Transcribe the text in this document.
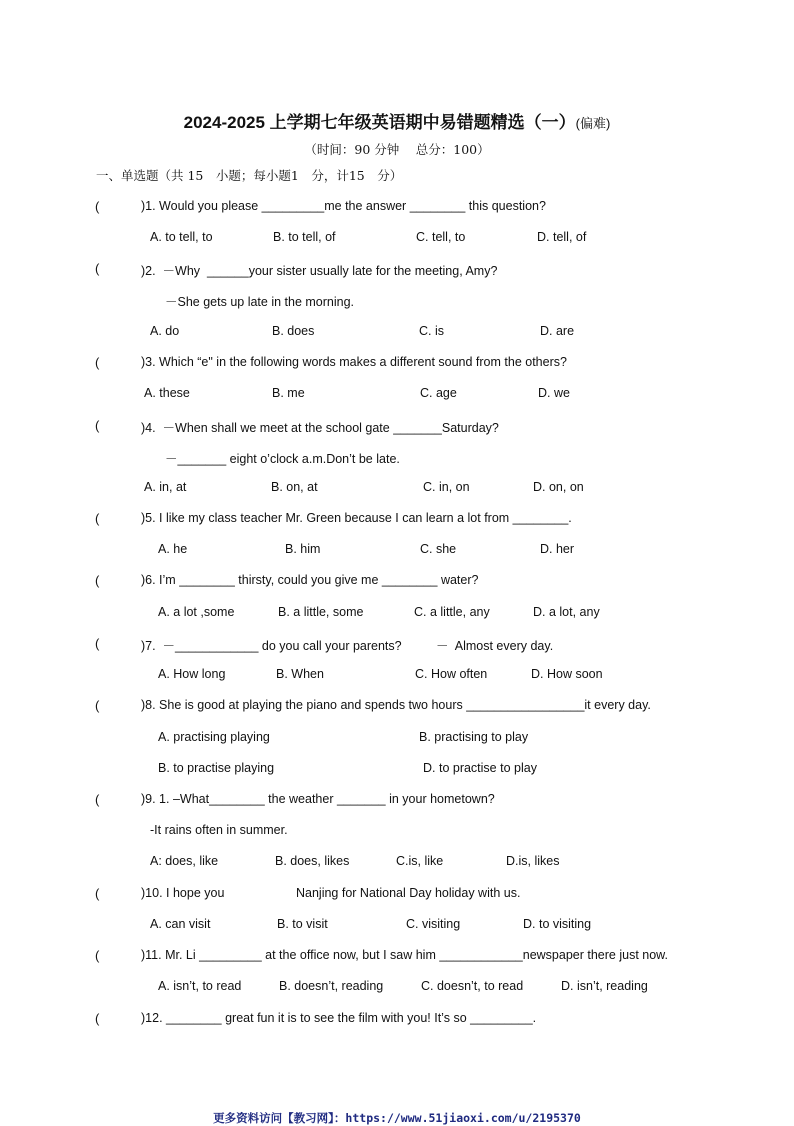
2024-2025 上学期七年级英语期中易错题精选（一）(偏难)
（时间：90 分钟　 总分：100）
一、单选题（共 15　小题；每小题1　分，计15　分）
(	)1. Would you please _________me the answer ________ this question?
A. to tell, to	B. to tell, of	C. tell, to	D. tell, of
(	)2.  －Why  ______your sister usually late for the meeting, Amy?
－She gets up late in the morning.
A. do	B. does	C. is	D. are
(	)3. Which “e" in the following words makes a different sound from the others?
A. these	B. me	C. age	D. we
(	)4.  －When shall we meet at the school gate _______Saturday?
－_______ eight o’clock a.m.Don’t be late.
A. in, at	B. on, at	C. in, on	D. on, on
(	)5. I like my class teacher Mr. Green because I can learn a lot from ________.
A. he	B. him	C. she	D. her
(	)6. I’m ________ thirsty, could you give me ________ water?
A. a lot ,some	B. a little, some	C. a little, any	D. a lot, any
(	)7.  －____________ do you call your parents?	－  Almost every day.
A. How long	B. When	C. How often	D. How soon
(	)8. She is good at playing the piano and spends two hours _________________it every day.
A. practising playing	B. practising to play
B. to practise playing	D. to practise to play
(	)9. 1. –What________ the weather _______ in your hometown?
-It rains often in summer.
A: does, like	B. does, likes	C.is, like	D.is, likes
(	)10. I hope you	Nanjing for National Day holiday with us.
A. can visit	B. to visit	C. visiting	D. to visiting
(	)11. Mr. Li _________ at the office now, but I saw him ____________newspaper there just now.
A. isn’t, to read	B. doesn’t, reading	C. doesn’t, to read	D. isn’t, reading
(	)12. ________ great fun it is to see the film with you! It’s so _________.
更多资料访问【教习网】：https://www.51jiaoxi.com/u/2195370
